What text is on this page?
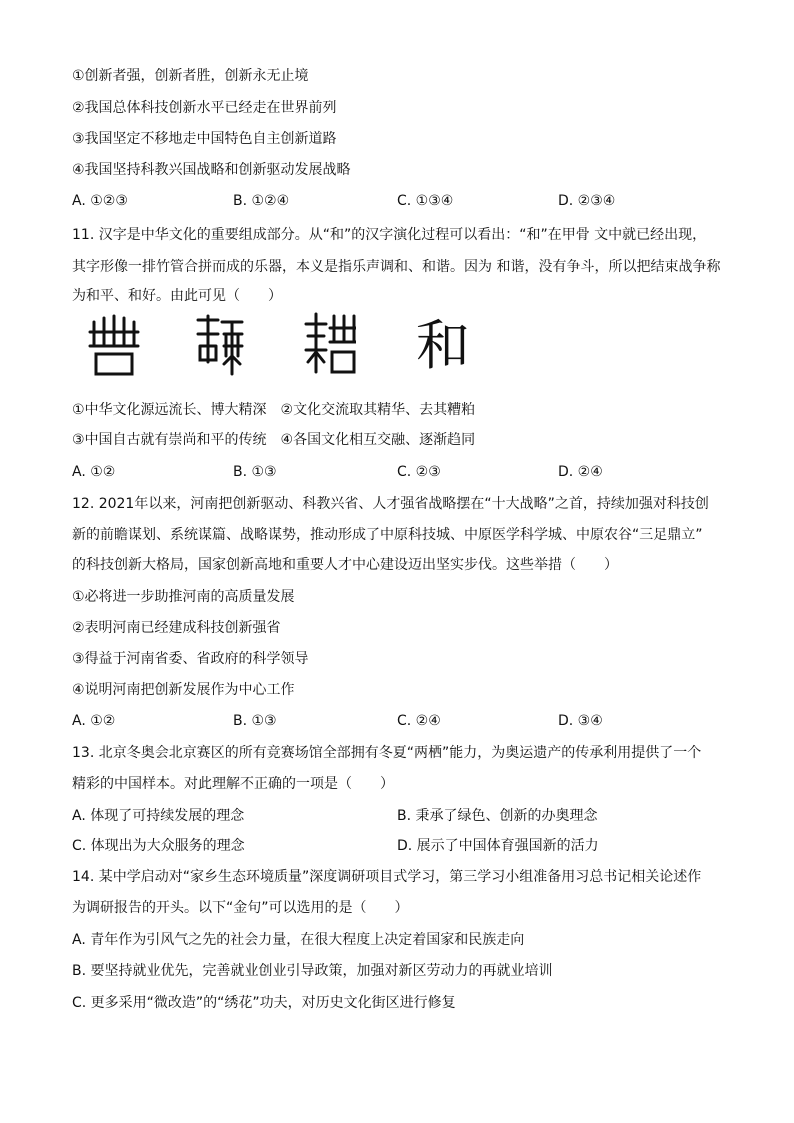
①创新者强，创新者胜，创新永无止境
②我国总体科技创新水平已经走在世界前列
③我国坚定不移地走中国特色自主创新道路
④我国坚持科教兴国战略和创新驱动发展战略
A. ①②③	B. ①②④	C. ①③④	D. ②③④
11. 汉字是中华文化的重要组成部分。从“和”的汉字演化过程可以看出：“和”在甲骨 文中就已经出现，
其字形像一排竹管合拼而成的乐器，本义是指乐声调和、和谐。因为 和谐，没有争斗，所以把结束战争称
为和平、和好。由此可见（　　）
和
①中华文化源远流长、博大精深　②文化交流取其精华、去其糟粕
③中国自古就有崇尚和平的传统　④各国文化相互交融、逐渐趋同
A. ①②	B. ①③	C. ②③	D. ②④
12. 2021年以来，河南把创新驱动、科教兴省、人才强省战略摆在“十大战略”之首，持续加强对科技创
新的前瞻谋划、系统谋篇、战略谋势，推动形成了中原科技城、中原医学科学城、中原农谷“三足鼎立”
的科技创新大格局，国家创新高地和重要人才中心建设迈出坚实步伐。这些举措（　　）
①必将进一步助推河南的高质量发展
②表明河南已经建成科技创新强省
③得益于河南省委、省政府的科学领导
④说明河南把创新发展作为中心工作
A. ①②	B. ①③	C. ②④	D. ③④
13. 北京冬奥会北京赛区的所有竞赛场馆全部拥有冬夏“两栖”能力，为奥运遗产的传承利用提供了一个
精彩的中国样本。对此理解不正确的一项是（　　）
A. 体现了可持续发展的理念	B. 秉承了绿色、创新的办奥理念
C. 体现出为大众服务的理念	D. 展示了中国体育强国新的活力
14. 某中学启动对“家乡生态环境质量”深度调研项目式学习，第三学习小组准备用习总书记相关论述作
为调研报告的开头。以下“金句”可以选用的是（　　）
A. 青年作为引风气之先的社会力量，在很大程度上决定着国家和民族走向
B. 要坚持就业优先，完善就业创业引导政策，加强对新区劳动力的再就业培训
C. 更多采用“微改造”的“绣花”功夫，对历史文化街区进行修复
